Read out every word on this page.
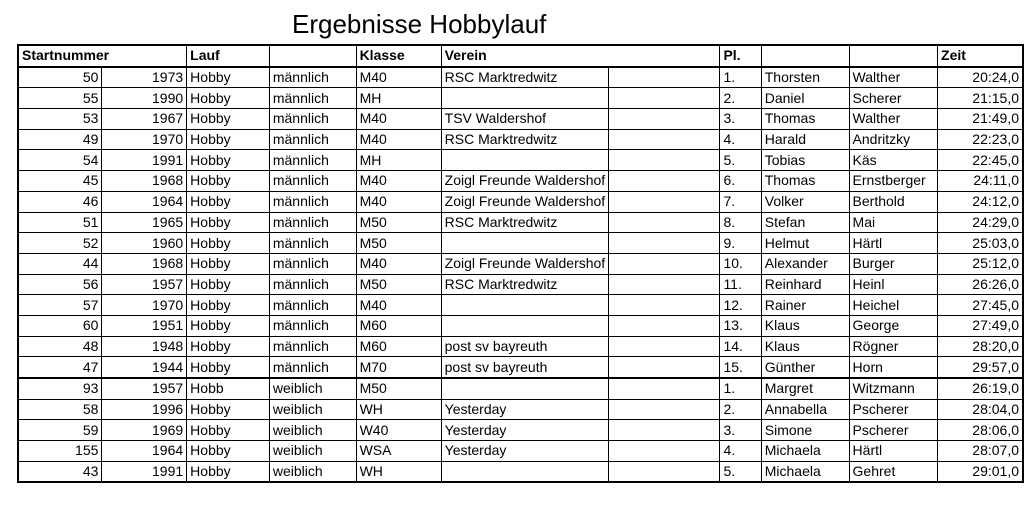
Ergebnisse Hobbylauf
Startnummer		Lauf		Klasse	Verein		Pl.			Zeit
50	1973	Hobby	männlich	M40	RSC Marktredwitz		1.	Thorsten	Walther	20:24,0
55	1990	Hobby	männlich	MH			2.	Daniel	Scherer	21:15,0
53	1967	Hobby	männlich	M40	TSV Waldershof		3.	Thomas	Walther	21:49,0
49	1970	Hobby	männlich	M40	RSC Marktredwitz		4.	Harald	Andritzky	22:23,0
54	1991	Hobby	männlich	MH			5.	Tobias	Käs	22:45,0
45	1968	Hobby	männlich	M40	Zoigl Freunde Waldershof		6.	Thomas	Ernstberger	24:11,0
46	1964	Hobby	männlich	M40	Zoigl Freunde Waldershof		7.	Volker	Berthold	24:12,0
51	1965	Hobby	männlich	M50	RSC Marktredwitz		8.	Stefan	Mai	24:29,0
52	1960	Hobby	männlich	M50			9.	Helmut	Härtl	25:03,0
44	1968	Hobby	männlich	M40	Zoigl Freunde Waldershof		10.	Alexander	Burger	25:12,0
56	1957	Hobby	männlich	M50	RSC Marktredwitz		11.	Reinhard	Heinl	26:26,0
57	1970	Hobby	männlich	M40			12.	Rainer	Heichel	27:45,0
60	1951	Hobby	männlich	M60			13.	Klaus	George	27:49,0
48	1948	Hobby	männlich	M60	post sv bayreuth		14.	Klaus	Rögner	28:20,0
47	1944	Hobby	männlich	M70	post sv bayreuth		15.	Günther	Horn	29:57,0
93	1957	Hobb	weiblich	M50			1.	Margret	Witzmann	26:19,0
58	1996	Hobby	weiblich	WH	Yesterday		2.	Annabella	Pscherer	28:04,0
59	1969	Hobby	weiblich	W40	Yesterday		3.	Simone	Pscherer	28:06,0
155	1964	Hobby	weiblich	WSA	Yesterday		4.	Michaela	Härtl	28:07,0
43	1991	Hobby	weiblich	WH			5.	Michaela	Gehret	29:01,0
